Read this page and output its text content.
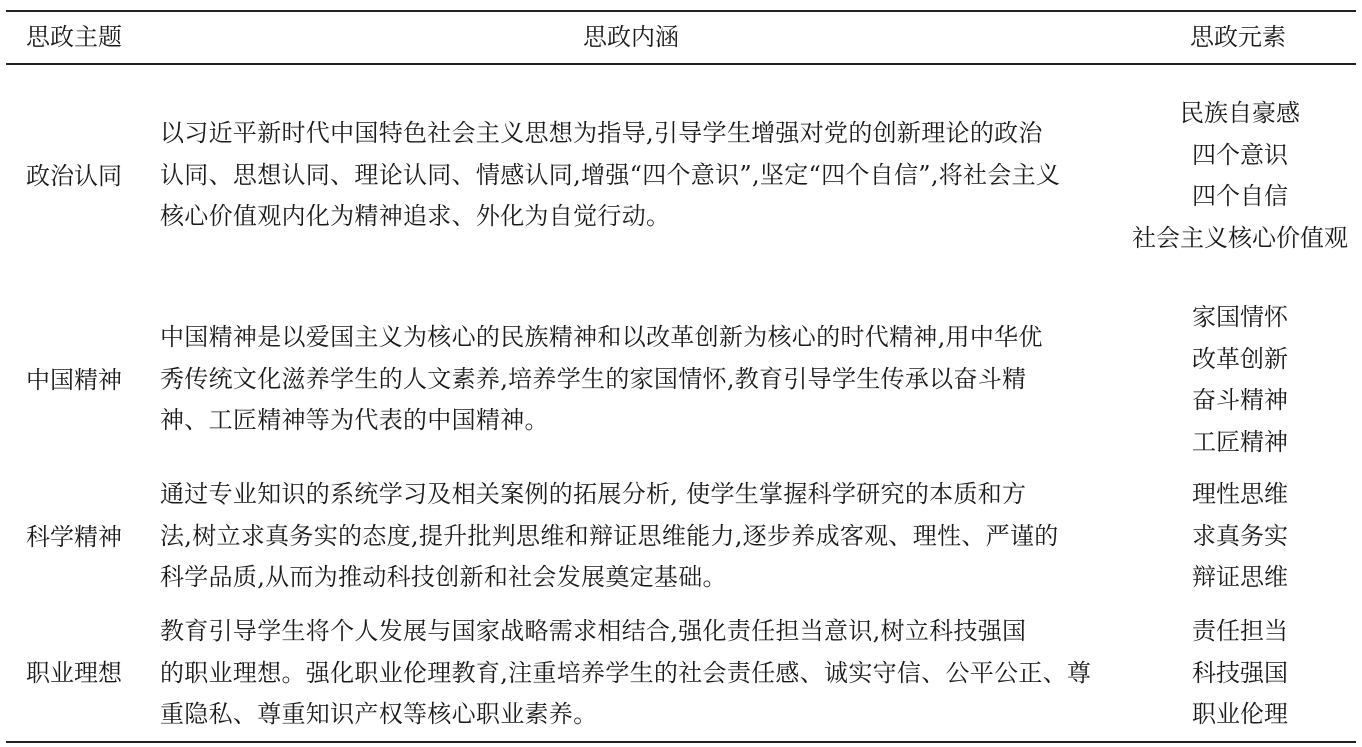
思政主题	思政内涵	思政元素
政治认同
以习近平新时代中国特色社会主义思想为指导,引导学生增强对党的创新理论的政治
认同、思想认同、理论认同、情感认同,增强“四个意识”,坚定“四个自信”,将社会主义
核心价值观内化为精神追求、外化为自觉行动。
民族自豪感
四个意识
四个自信
社会主义核心价值观
中国精神
中国精神是以爱国主义为核心的民族精神和以改革创新为核心的时代精神,用中华优
秀传统文化滋养学生的人文素养,培养学生的家国情怀,教育引导学生传承以奋斗精
神、工匠精神等为代表的中国精神。
家国情怀
改革创新
奋斗精神
工匠精神
科学精神
通过专业知识的系统学习及相关案例的拓展分析, 使学生掌握科学研究的本质和方
法,树立求真务实的态度,提升批判思维和辩证思维能力,逐步养成客观、理性、严谨的
科学品质,从而为推动科技创新和社会发展奠定基础。
理性思维
求真务实
辩证思维
职业理想
教育引导学生将个人发展与国家战略需求相结合,强化责任担当意识,树立科技强国
的职业理想。强化职业伦理教育,注重培养学生的社会责任感、诚实守信、公平公正、尊
重隐私、尊重知识产权等核心职业素养。
责任担当
科技强国
职业伦理
